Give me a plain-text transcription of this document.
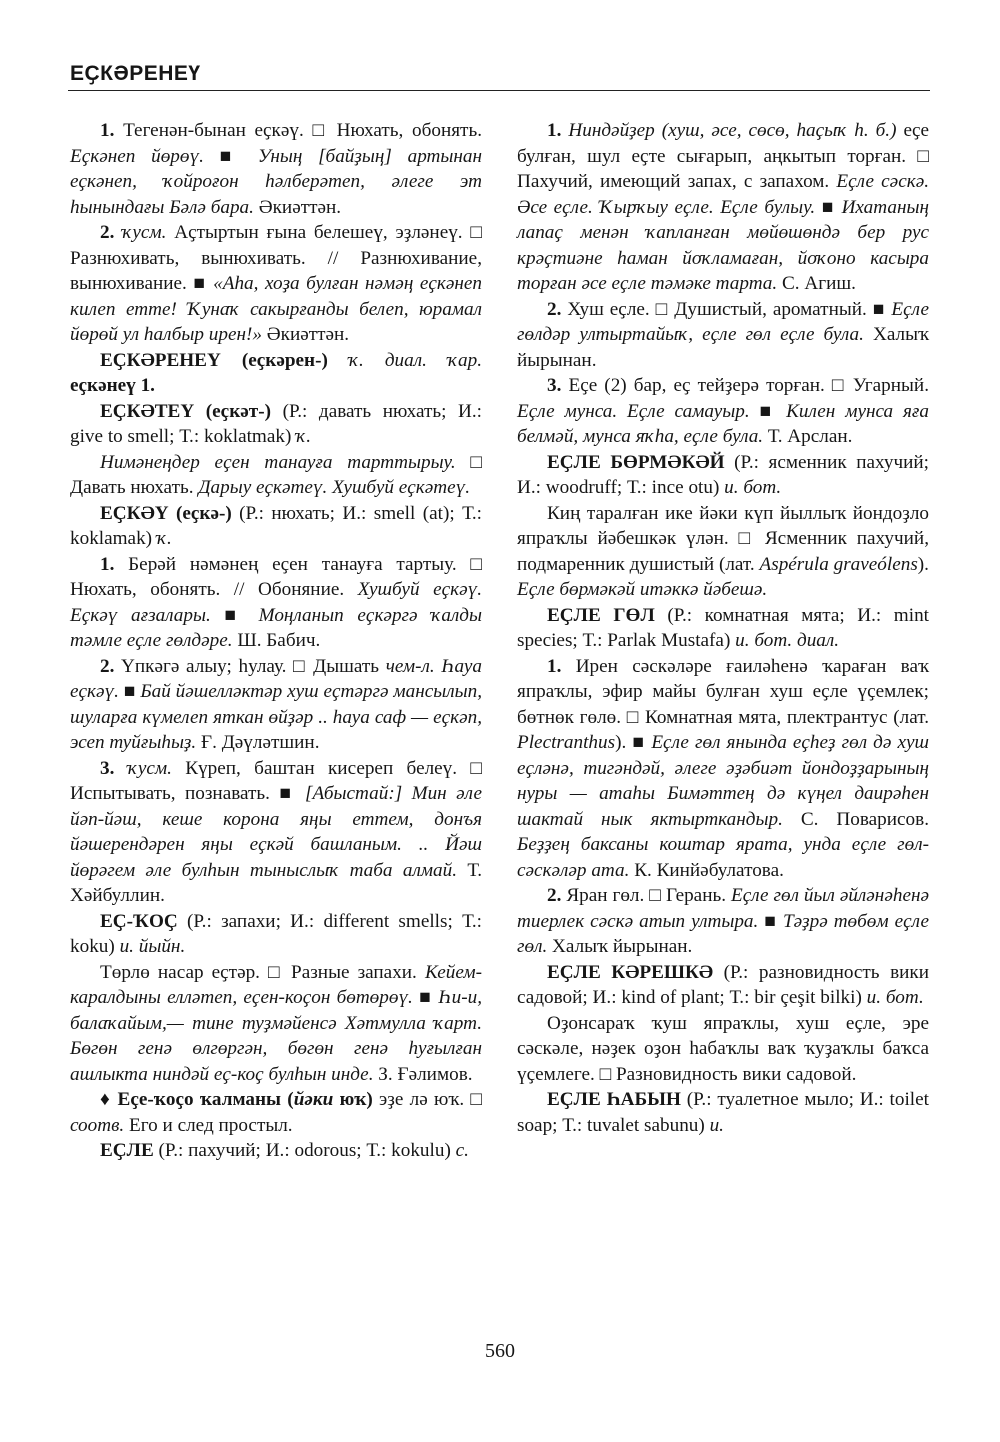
ЕҪКӘРЕНЕҮ

1. Тегенән-бынан еҫкәү. □ Нюхать, обонять. Еҫкәнеп йөрөү. ■ Уның [байҙың] артынан еҫкәнеп, ҡойроғон һәлберәтеп, әлеге эт һынындағы Бәлә бара. Әкиәттән.

2. ҡусм. Аҫтыртын ғына белешеү, эҙләнеү. □ Разнюхивать, вынюхивать. // Разнюхивание, вынюхивание. ■ «Аһа, хоҙа булған нәмәң еҫкәнеп килеп етте! Ҡунаҡ сакырғанды белеп, юрамал йөрөй ул һалбыр ирен!» Әкиәттән.

ЕҪКӘРЕНЕҮ (еҫкәрен-) ҡ. диал. ҡар. еҫкәнеү 1.

ЕҪКӘТЕҮ (еҫкәт-) (Р.: давать нюхать; И.: give to smell; Т.: koklatmak) ҡ.

Нимәнеңдер еҫен танауға тарттырыу. □ Давать нюхать. Дарыу еҫкәтеү. Хушбуй еҫкәтеү.

ЕҪКӘҮ (еҫкә-) (Р.: нюхать; И.: smell (at); Т.: koklamak) ҡ.

1. Берәй нәмәнең еҫен танауға тартыу. □ Нюхать, обонять. // Обоняние. Хушбуй еҫкәү. Еҫкәү ағзалары. ■ Моңланып еҫкәргә ҡалды тәмле еҫле гөлдәре. Ш. Бабич.

2. Үпкәгә алыу; һулау. □ Дышать чем-л. Һауа еҫкәү. ■ Бай йәшелләктәр хуш еҫтәргә мансылып, шуларға күмелеп яткан өйҙәр .. һауа саф — еҫкәп, эсеп туйғыһыҙ. Ғ. Дәүләтшин.

3. ҡусм. Күреп, баштан кисереп белеү. □ Испытывать, познавать. ■ [Абыстай:] Мин әле йәп-йәш, кеше корона яңы еттем, донъя йәшерендәрен яңы еҫкәй башланым. .. Йәш йөрәгем әле булһын тыныслыҡ таба алмай. Т. Хәйбуллин.

ЕҪ-ҠОҪ (Р.: запахи; И.: different smells; Т.: koku) и. йыйн.

Төрлө насар еҫтәр. □ Разные запахи. Кейем-каралдыны елләтеп, еҫен-коҫон бөтөрөү. ■ Һи-и, балаҡайым,— тине туҙмәйенсә Хәтмулла ҡарт. Бөгөн генә өлгөргән, бөгөн генә һуғылған ашлыкта ниндәй еҫ-коҫ булһын инде. З. Ғәлимов.

♦ Еҫе-ҡоҫо ҡалманы (йәки юҡ) эҙе лә юҡ. □ соотв. Его и след простыл.

ЕҪЛЕ (Р.: пахучий; И.: odorous; Т.: kokulu) с.

1. Ниндәйҙер (хуш, әсе, сөсө, һаҫыҡ һ. б.) еҫе булған, шул еҫте сығарып, аңкытып торған. □ Пахучий, имеющий запах, с запахом. Еҫле сәскә. Әсе еҫле. Ҡырҡыу еҫле. Еҫле булыу. ■ Ихатаның лапаҫ менән ҡапланған мөйөшөндә бер рус крәҫтиәне һаман йоҡламаған, йоҡоно касыра торған әсе еҫле тәмәке тарта. С. Агиш.

2. Хуш еҫле. □ Душистый, ароматный. ■ Еҫле гөлдәр ултыртайыҡ, еҫле гөл еҫле була. Халыҡ йырынан.

3. Еҫе (2) бар, еҫ тейҙерә торған. □ Угарный. Еҫле мунса. Еҫле самауыр. ■ Килен мунса яға белмәй, мунса яҡһа, еҫле була. Т. Арслан.

ЕҪЛЕ БӨРМӘКӘЙ (Р.: ясменник пахучий; И.: woodruff; Т.: ince otu) и. бот.

Киң таралған ике йәки күп йыллыҡ йондоҙло япраҡлы йәбешкәк үлән. □ Ясменник пахучий, подмаренник душистый (лат. Aspérula graveólens). Еҫле бөрмәкәй итәккә йәбешә.

ЕҪЛЕ ГӨЛ (Р.: комнатная мята; И.: mint species; Т.: Parlak Mustafa) и. бот. диал.

1. Ирен сәскәләре ғаиләһенә ҡараған ваҡ япраҡлы, эфир майы булған хуш еҫле үҫемлек; бөтнөк гөлө. □ Комнатная мята, плектрантус (лат. Plectranthus). ■ Еҫле гөл янында еҫһеҙ гөл дә хуш еҫләнә, тигәндәй, әлеге әҙәбиәт йондоҙҙарының нуры — атаһы Бимәттең дә күңел даирәһен шактай нык яктырткандыр. С. Поварисов. Беҙҙең баксаны коштар ярата, унда еҫле гөл-сәскәләр ата. К. Кинйәбулатова.

2. Яран гөл. □ Герань. Еҫле гөл йыл әйләнәһенә тиерлек сәскә атып ултыра. ■ Тәҙрә төбөм еҫле гөл. Халыҡ йырынан.

ЕҪЛЕ КӘРЕШКӘ (Р.: разновидность вики садовой; И.: kind of plant; Т.: bir çeşit bilki) и. бот.

Оҙонсараҡ ҡуш япраҡлы, хуш еҫле, эре сәскәле, нәҙек оҙон һабаҡлы ваҡ ҡуҙаҡлы баҡса үҫемлеге. □ Разновидность вики садовой.

ЕҪЛЕ ҺАБЫН (Р.: туалетное мыло; И.: toilet soap; Т.: tuvalet sabunu) и.

560
